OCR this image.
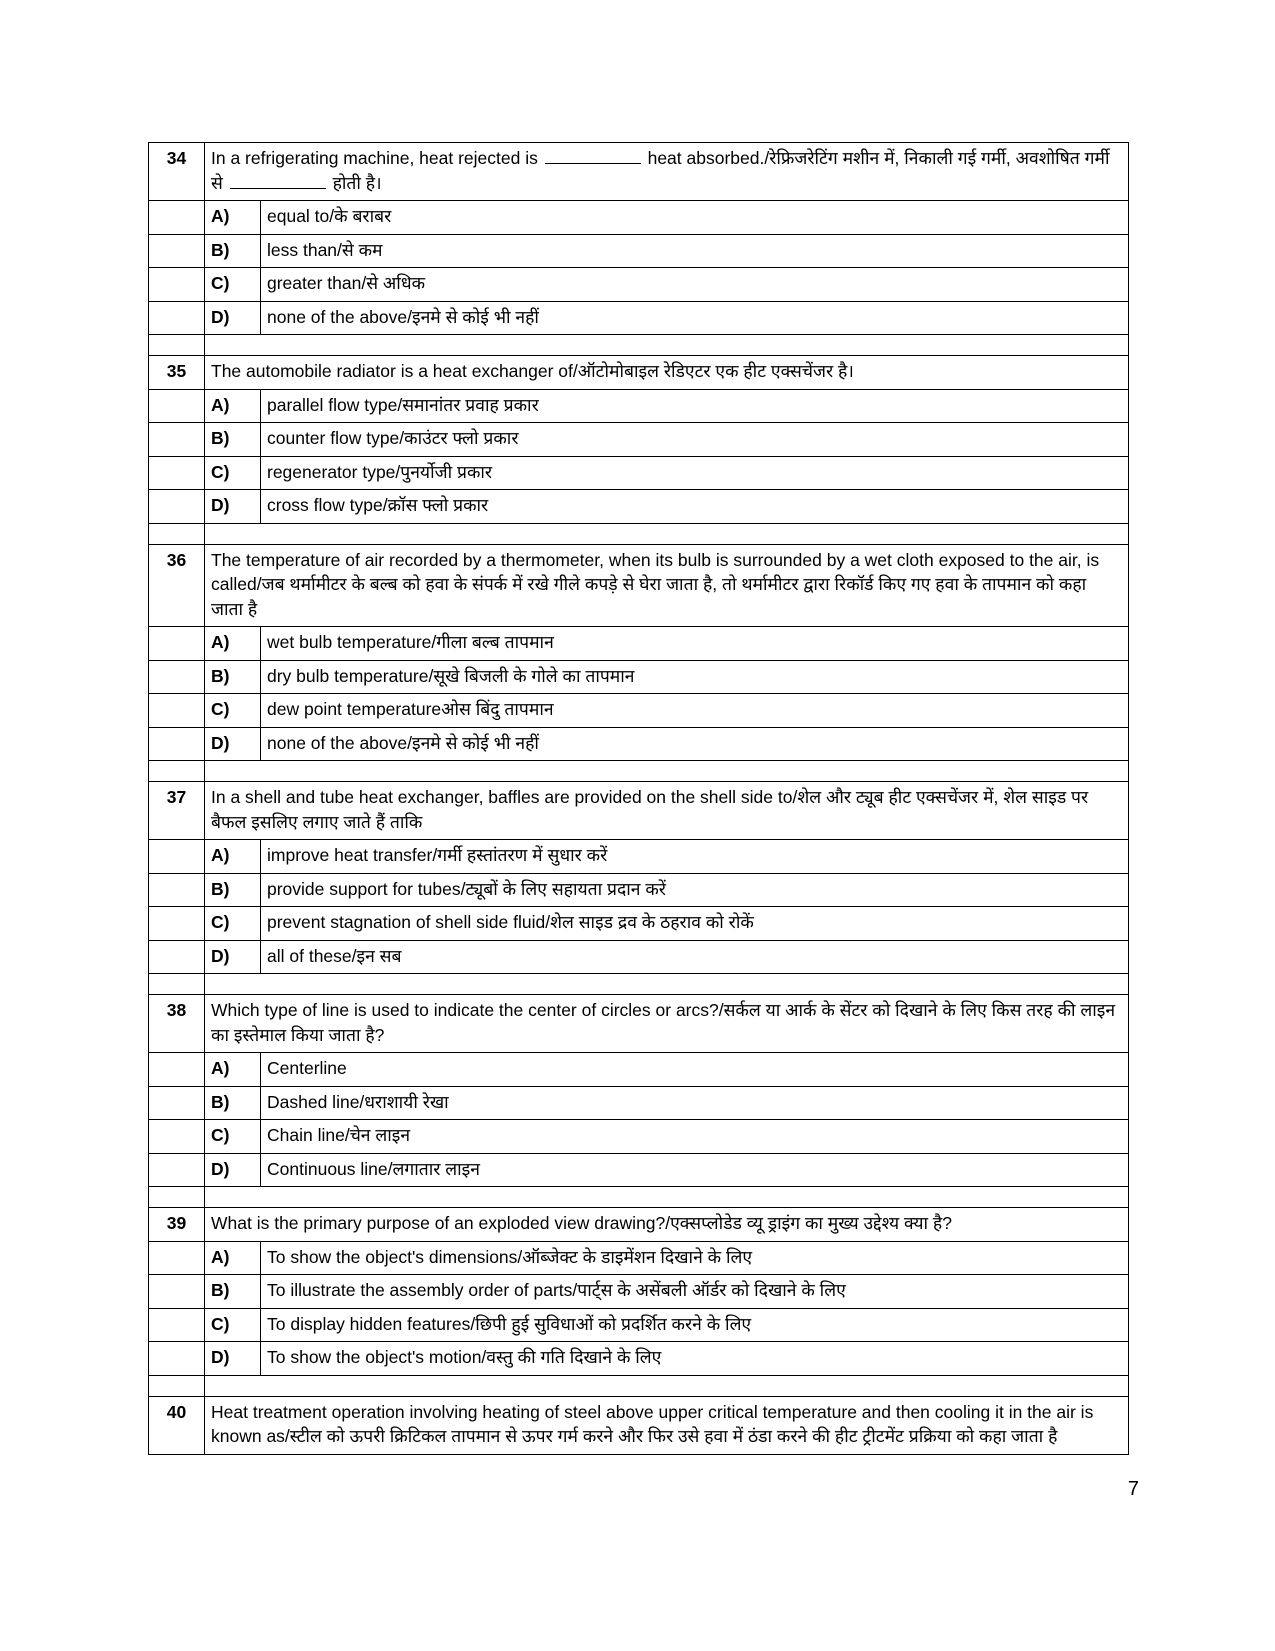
34	In a refrigerating machine, heat rejected is heat absorbed./रेफ्रिजरेटिंग मशीन में, निकाली गई गर्मी, अवशोषित गर्मी से होती है।	
	A)	equal to/के बराबर
	B)	less than/से कम
	C)	greater than/से अधिक
	D)	none of the above/इनमे से कोई भी नहीं

35	The automobile radiator is a heat exchanger of/ऑटोमोबाइल रेडिएटर एक हीट एक्सचेंजर है।	
	A)	parallel flow type/समानांतर प्रवाह प्रकार
	B)	counter flow type/काउंटर फ्लो प्रकार
	C)	regenerator type/पुनर्योजी प्रकार
	D)	cross flow type/क्रॉस फ्लो प्रकार

36	The temperature of air recorded by a thermometer, when its bulb is surrounded by a wet cloth exposed to the air, is called/जब थर्मामीटर के बल्ब को हवा के संपर्क में रखे गीले कपड़े से घेरा जाता है, तो थर्मामीटर द्वारा रिकॉर्ड किए गए हवा के तापमान को कहा जाता है	
	A)	wet bulb temperature/गीला बल्ब तापमान
	B)	dry bulb temperature/सूखे बिजली के गोले का तापमान
	C)	dew point temperatureओस बिंदु तापमान
	D)	none of the above/इनमे से कोई भी नहीं

37	In a shell and tube heat exchanger, baffles are provided on the shell side to/शेल और ट्यूब हीट एक्सचेंजर में, शेल साइड पर बैफल इसलिए लगाए जाते हैं ताकि	
	A)	improve heat transfer/गर्मी हस्तांतरण में सुधार करें
	B)	provide support for tubes/ट्यूबों के लिए सहायता प्रदान करें
	C)	prevent stagnation of shell side fluid/शेल साइड द्रव के ठहराव को रोकें
	D)	all of these/इन सब

38	Which type of line is used to indicate the center of circles or arcs?/सर्कल या आर्क के सेंटर को दिखाने के लिए किस तरह की लाइन का इस्तेमाल किया जाता है?	
	A)	Centerline
	B)	Dashed line/धराशायी रेखा
	C)	Chain line/चेन लाइन
	D)	Continuous line/लगातार लाइन

39	What is the primary purpose of an exploded view drawing?/एक्सप्लोडेड व्यू ड्राइंग का मुख्य उद्देश्य क्या है?	
	A)	To show the object's dimensions/ऑब्जेक्ट के डाइमेंशन दिखाने के लिए
	B)	To illustrate the assembly order of parts/पार्ट्स के असेंबली ऑर्डर को दिखाने के लिए
	C)	To display hidden features/छिपी हुई सुविधाओं को प्रदर्शित करने के लिए
	D)	To show the object's motion/वस्तु की गति दिखाने के लिए

40	Heat treatment operation involving heating of steel above upper critical temperature and then cooling it in the air is known as/स्टील को ऊपरी क्रिटिकल तापमान से ऊपर गर्म करने और फिर उसे हवा में ठंडा करने की हीट ट्रीटमेंट प्रक्रिया को कहा जाता है	
7
